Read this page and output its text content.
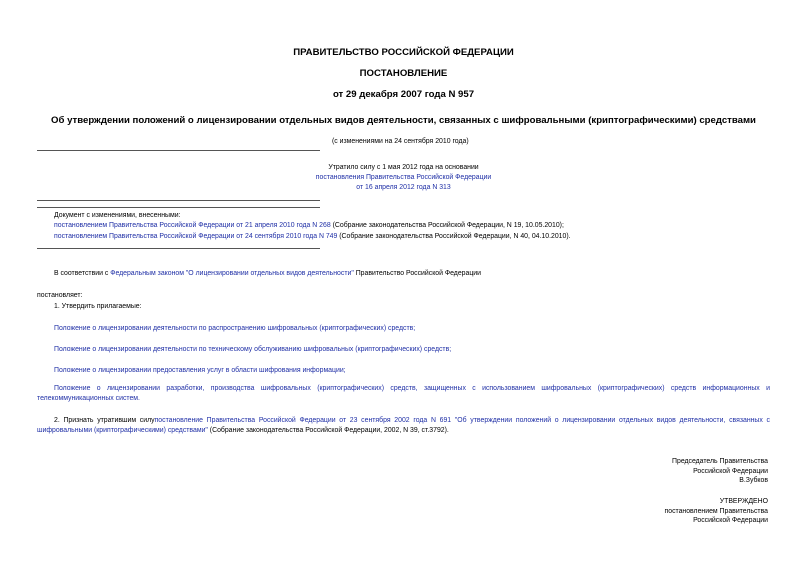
ПРАВИТЕЛЬСТВО РОССИЙСКОЙ ФЕДЕРАЦИИ
ПОСТАНОВЛЕНИЕ
от 29 декабря 2007 года N 957
Об утверждении положений о лицензировании отдельных видов деятельности, связанных с шифровальными (криптографическими) средствами
(с изменениями на 24 сентября 2010 года)
Утратило силу с 1 мая 2012 года на основании
постановления Правительства Российской Федерации
от 16 апреля 2012 года N 313
Документ с изменениями, внесенными:
постановлением Правительства Российской Федерации от 21 апреля 2010 года N 268 (Собрание законодательства Российской Федерации, N 19, 10.05.2010);
постановлением Правительства Российской Федерации от 24 сентября 2010 года N 749 (Собрание законодательства Российской Федерации, N 40, 04.10.2010).
В соответствии с Федеральным законом "О лицензировании отдельных видов деятельности" Правительство Российской Федерации
постановляет:
1. Утвердить прилагаемые:
Положение о лицензировании деятельности по распространению шифровальных (криптографических) средств;
Положение о лицензировании деятельности по техническому обслуживанию шифровальных (криптографических) средств;
Положение о лицензировании предоставления услуг в области шифрования информации;
Положение о лицензировании разработки, производства шифровальных (криптографических) средств, защищенных с использованием шифровальных (криптографических) средств информационных и телекоммуникационных систем.
2. Признать утратившим силупостановление Правительства Российской Федерации от 23 сентября 2002 года N 691 "Об утверждении положений о лицензировании отдельных видов деятельности, связанных с шифровальными (криптографическими) средствами" (Собрание законодательства Российской Федерации, 2002, N 39, ст.3792).
Председатель Правительства
Российской Федерации
В.Зубков
УТВЕРЖДЕНО
постановлением Правительства
Российской Федерации
